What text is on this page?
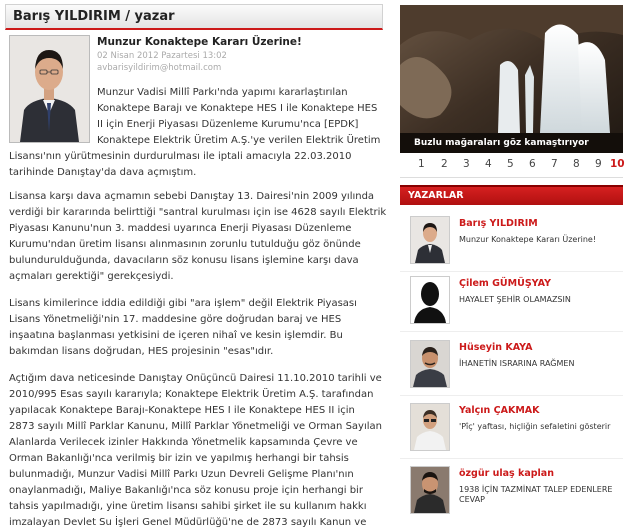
Barış YILDIRIM / yazar
Munzur Konaktepe Kararı Üzerine!
02 Nisan 2012 Pazartesi 13:02
avbarisyildirim@hotmail.com
Munzur Vadisi Millî Parkı'nda yapımı kararlaştırılan
Konaktepe Barajı ve Konaktepe HES I ile Konaktepe HES
II için Enerji Piyasası Düzenleme Kurumu'nca [EPDK]
Konaktepe Elektrik Üretim A.Ş.'ye verilen Elektrik Üretim
Lisansı'nın yürütmesinin durdurulması ile iptali amacıyla 22.03.2010
tarihinde Danıştay'da dava açmıştım.
Lisansa karşı dava açmamın sebebi Danıştay 13. Dairesi'nin 2009 yılında
verdiği bir kararında belirttiği "santral kurulması için ise 4628 sayılı Elektrik
Piyasası Kanunu'nun 3. maddesi uyarınca Enerji Piyasası Düzenleme
Kurumu'ndan üretim lisansı alınmasının zorunlu tutulduğu göz önünde
bulundurulduğunda, davacıların söz konusu lisans işlemine karşı dava
açmaları gerektiği" gerekçesiydi.
Lisans kimilerince iddia edildiği gibi "ara işlem" değil Elektrik Piyasası
Lisans Yönetmeliği'nin 17. maddesine göre doğrudan baraj ve HES
inşaatına başlanması yetkisini de içeren nihaî ve kesin işlemdir. Bu
bakımdan lisans doğrudan, HES projesinin "esas"ıdır.
Açtığım dava neticesinde Danıştay Onüçüncü Dairesi 11.10.2010 tarihli ve
2010/995 Esas sayılı kararıyla; Konaktepe Elektrik Üretim A.Ş. tarafından
yapılacak Konaktepe Barajı-Konaktepe HES I ile Konaktepe HES II için
2873 sayılı Millî Parklar Kanunu, Millî Parklar Yönetmeliği ve Orman Sayılan
Alanlarda Verilecek izinler Hakkında Yönetmelik kapsamında Çevre ve
Orman Bakanlığı'nca verilmiş bir izin ve yapılmış herhangi bir tahsis
bulunmadığı, Munzur Vadisi Millî Parkı Uzun Devreli Gelişme Planı'nın
onaylanmadığı, Maliye Bakanlığı'nca söz konusu proje için herhangi bir
tahsis yapılmadığı, yine üretim lisansı sahibi şirket ile su kullanım hakkı
imzalayan Devlet Su İşleri Genel Müdürlüğü'ne de 2873 sayılı Kanun ve
Buzlu mağaraları göz kamaştırıyor
1 2 3 4 5 6 7 8 9 10
YAZARLAR
Barış YILDIRIM
Munzur Konaktepe Kararı Üzerine!
Çilem GÜMÜŞYAY
HAYALET ŞEHİR OLAMAZSIN
Hüseyin KAYA
İHANETİN ISRARINA RAĞMEN
Yalçın ÇAKMAK
'Pîç' yaftası, hiçliğin sefaletini gösterir
özgür ulaş kaplan
1938 İÇİN TAZMİNAT TALEP EDENLERE CEVAP
